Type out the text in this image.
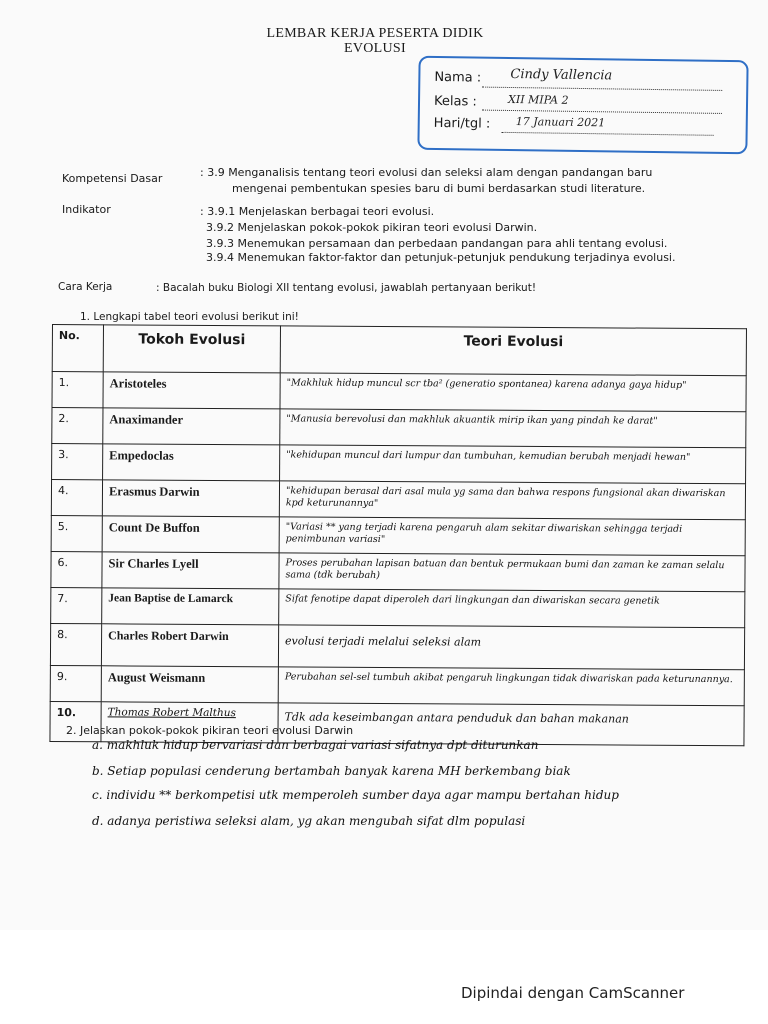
LEMBAR KERJA PESERTA DIDIK
EVOLUSI
Nama : Cindy Vallencia
Kelas :	XII MIPA 2
Hari/tgl : 17 Januari 2021
Kompetensi Dasar	: 3.9 Menganalisis tentang teori evolusi dan seleksi alam dengan pandangan baru
mengenai pembentukan spesies baru di bumi berdasarkan studi literature.
Indikator	: 3.9.1 Menjelaskan berbagai teori evolusi.
3.9.2 Menjelaskan pokok-pokok pikiran teori evolusi Darwin.
3.9.3 Menemukan persamaan dan perbedaan pandangan para ahli tentang evolusi.
3.9.4 Menemukan faktor-faktor dan petunjuk-petunjuk pendukung terjadinya evolusi.
Cara Kerja	: Bacalah buku Biologi XII tentang evolusi, jawablah pertanyaan berikut!
1. Lengkapi tabel teori evolusi berikut ini!
No.	Tokoh Evolusi	Teori Evolusi
1.	Aristoteles	"Makhluk hidup muncul scr tba² (generatio spontanea) karena adanya gaya hidup"
2.	Anaximander	"Manusia berevolusi dan makhluk akuantik mirip ikan yang pindah ke darat"
3.	Empedoclas	"kehidupan muncul dari lumpur dan tumbuhan, kemudian berubah menjadi hewan"
4.	Erasmus Darwin	"kehidupan berasal dari asal mula yg sama dan bahwa respons fungsional akan diwariskan kpd keturunannya"
5.	Count De Buffon	"Variasi ** yang terjadi karena pengaruh alam sekitar diwariskan sehingga terjadi penimbunan variasi"
6.	Sir Charles Lyell	Proses perubahan lapisan batuan dan bentuk permukaan bumi dan zaman ke zaman selalu sama (tdk berubah)
7.	Jean Baptise de Lamarck	Sifat fenotipe dapat diperoleh dari lingkungan dan diwariskan secara genetik
8.	Charles Robert Darwin	evolusi terjadi melalui seleksi alam
9.	August Weismann	Perubahan sel-sel tumbuh akibat pengaruh lingkungan tidak diwariskan pada keturunannya.
10.	Thomas Robert Malthus	Tdk ada keseimbangan antara penduduk dan bahan makanan
2. Jelaskan pokok-pokok pikiran teori evolusi Darwin
a. makhluk hidup bervariasi dan berbagai variasi sifatnya dpt diturunkan
b. Setiap populasi cenderung bertambah banyak karena MH berkembang biak
c. individu ** berkompetisi utk memperoleh sumber daya agar mampu bertahan hidup
d. adanya peristiwa seleksi alam, yg akan mengubah sifat dlm populasi
Dipindai dengan CamScanner
